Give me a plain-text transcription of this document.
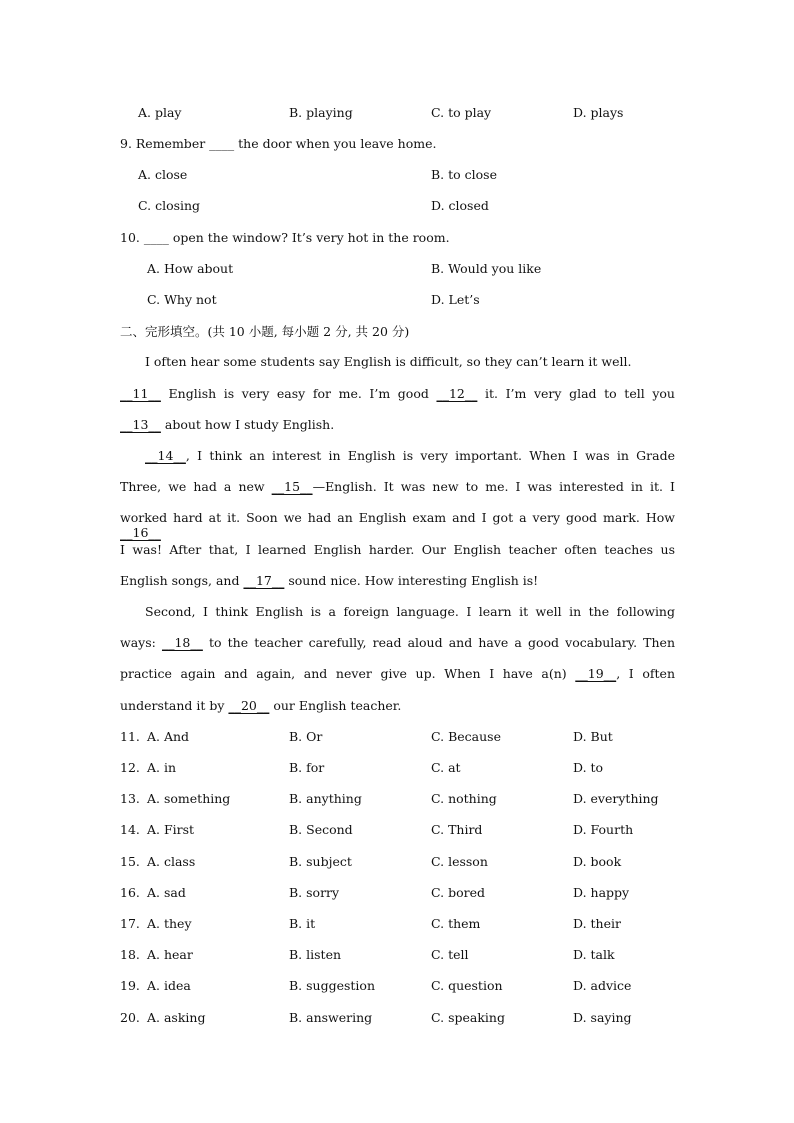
A. play	B. playing	C. to play	D. plays
9. Remember ____ the door when you leave home.
A. close	B. to close
C. closing	D. closed
10. ____ open the window? It’s very hot in the room.
A. How about	B. Would you like
C. Why not	D. Let’s
二、完形填空。(共 10 小题, 每小题 2 分, 共 20 分)
I often hear some students say English is difficult, so they can’t learn it well.
__11__ English is very easy for me. I’m good __12__ it. I’m very glad to tell you
__13__ about how I study English.
__14__, I think an interest in English is very important. When I was in Grade
Three, we had a new __15__—English. It was new to me. I was interested in it. I
worked hard at it. Soon we had an English exam and I got a very good mark. How __16__
I was! After that, I learned English harder. Our English teacher often teaches us
English songs, and __17__ sound nice. How interesting English is!
Second, I think English is a foreign language. I learn it well in the following
ways: __18__ to the teacher carefully, read aloud and have a good vocabulary. Then
practice again and again, and never give up. When I have a(n) __19__, I often
understand it by __20__ our English teacher.
11. A. And	B. Or	C. Because	D. But
12. A. in	B. for	C. at	D. to
13. A. something	B. anything	C. nothing	D. everything
14. A. First	B. Second	C. Third	D. Fourth
15. A. class	B. subject	C. lesson	D. book
16. A. sad	B. sorry	C. bored	D. happy
17. A. they	B. it	C. them	D. their
18. A. hear	B. listen	C. tell	D. talk
19. A. idea	B. suggestion	C. question	D. advice
20. A. asking	B. answering	C. speaking	D. saying
